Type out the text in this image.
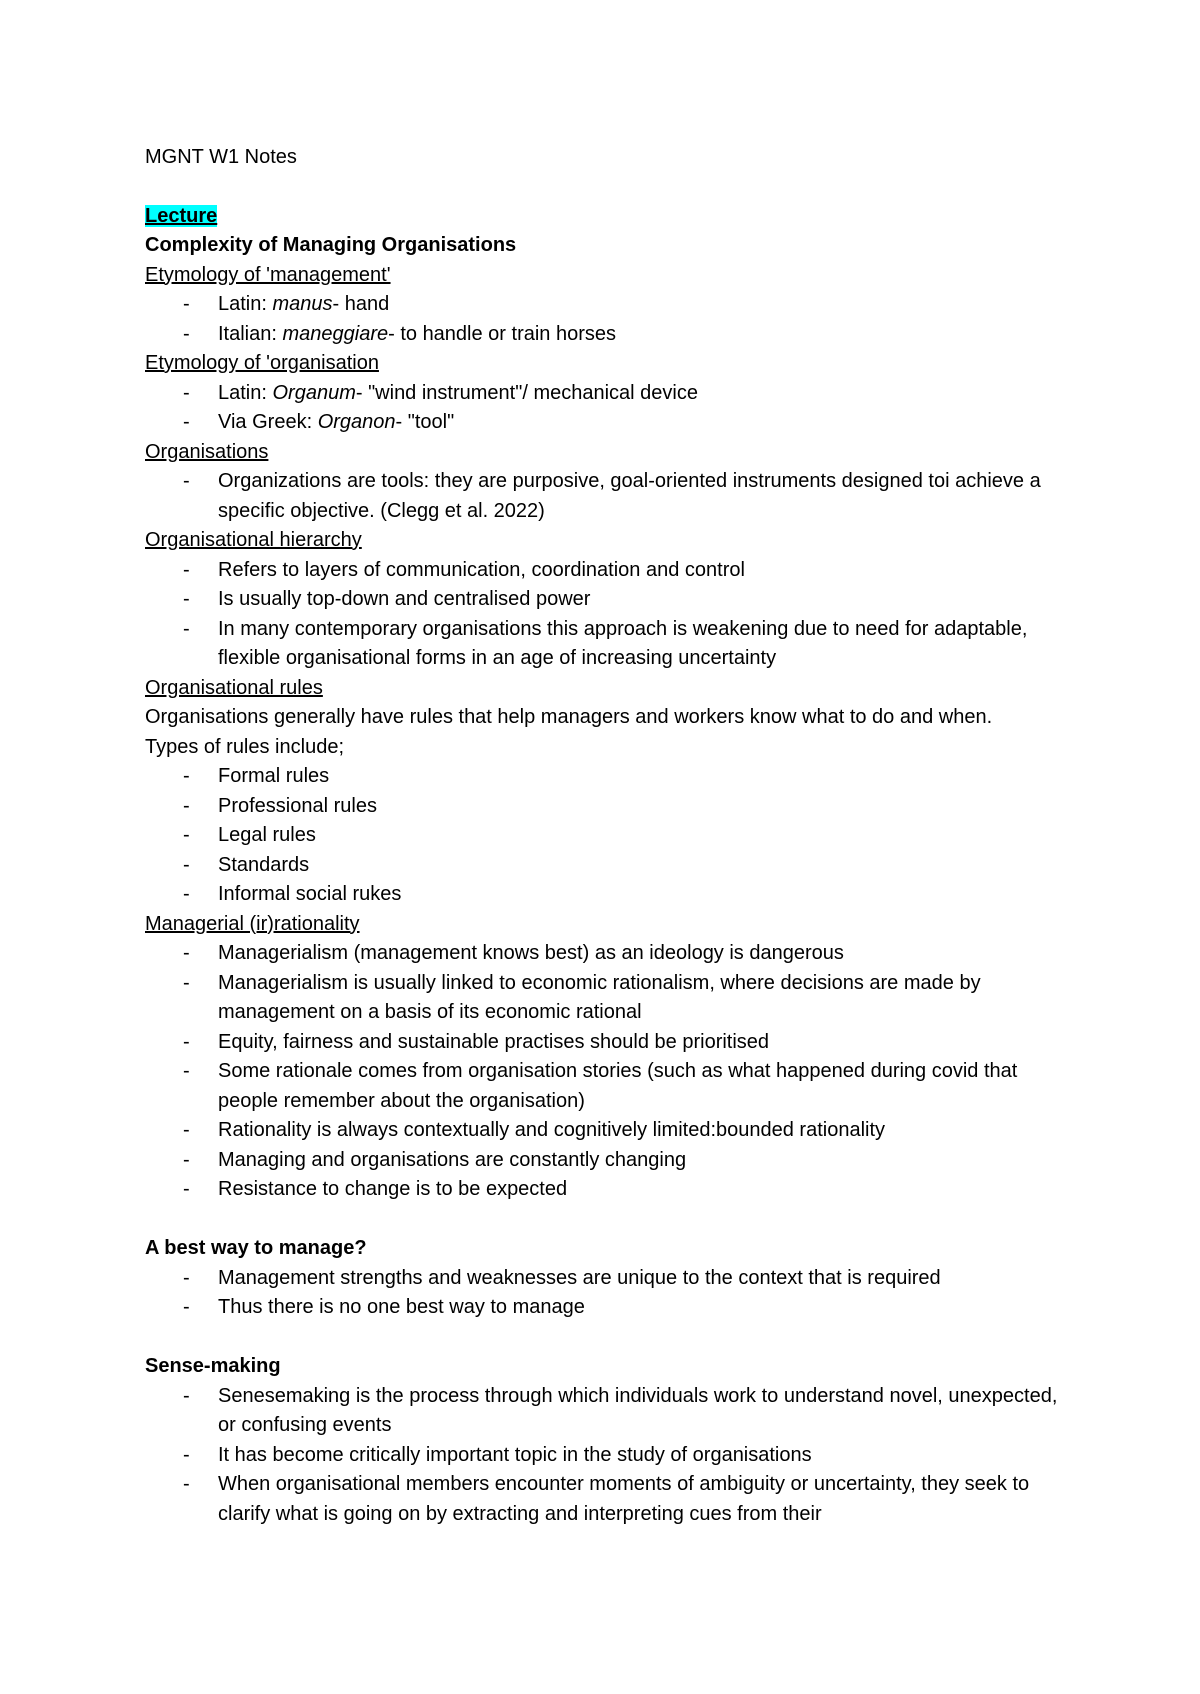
MGNT W1 Notes

Lecture

Complexity of Managing Organisations

Etymology of 'management'

- Latin: manus- hand

- Italian: maneggiare- to handle or train horses

Etymology of 'organisation

- Latin: Organum- "wind instrument"/ mechanical device

- Via Greek: Organon- "tool"

Organisations

- Organizations are tools: they are purposive, goal-oriented instruments designed toi achieve a specific objective. (Clegg et al. 2022)

Organisational hierarchy

- Refers to layers of communication, coordination and control

- Is usually top-down and centralised power

- In many contemporary organisations this approach is weakening due to need for adaptable, flexible organisational forms in an age of increasing uncertainty

Organisational rules

Organisations generally have rules that help managers and workers know what to do and when.

Types of rules include;

- Formal rules

- Professional rules

- Legal rules

- Standards

- Informal social rukes

Managerial (ir)rationality

- Managerialism (management knows best) as an ideology is dangerous

- Managerialism is usually linked to economic rationalism, where decisions are made by management on a basis of its economic rational

- Equity, fairness and sustainable practises should be prioritised

- Some rationale comes from organisation stories (such as what happened during covid that people remember about the organisation)

- Rationality is always contextually and cognitively limited:bounded rationality

- Managing and organisations are constantly changing

- Resistance to change is to be expected

A best way to manage?

- Management strengths and weaknesses are unique to the context that is required

- Thus there is no one best way to manage

Sense-making

- Senesemaking is the process through which individuals work to understand novel, unexpected, or confusing events

- It has become critically important topic in the study of organisations

- When organisational members encounter moments of ambiguity or uncertainty, they seek to clarify what is going on by extracting and interpreting cues from their
